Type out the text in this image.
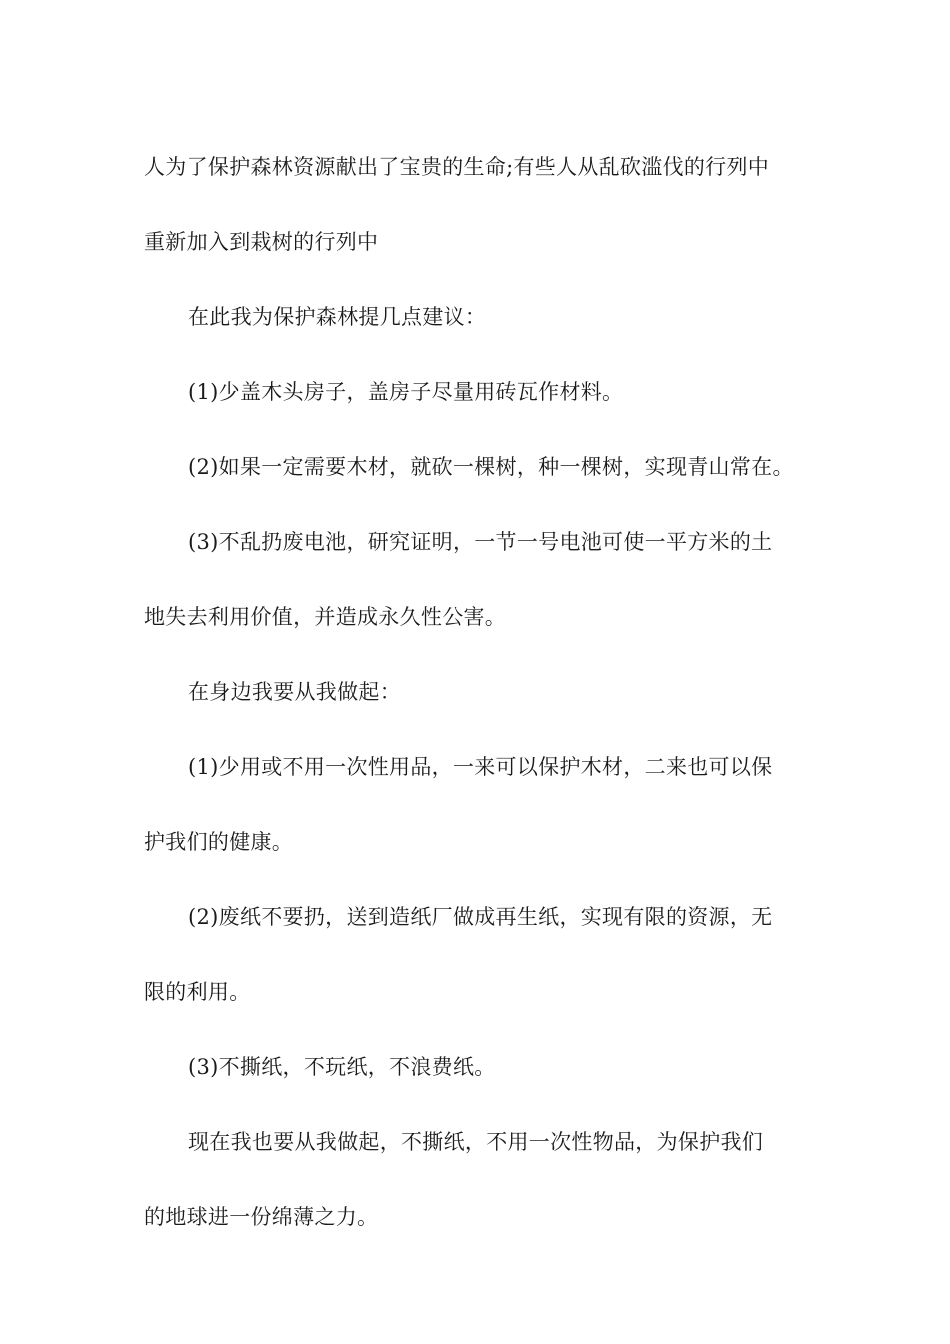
人为了保护森林资源献出了宝贵的生命;有些人从乱砍滥伐的行列中
重新加入到栽树的行列中
在此我为保护森林提几点建议：
(1)少盖木头房子，盖房子尽量用砖瓦作材料。
(2)如果一定需要木材，就砍一棵树，种一棵树，实现青山常在。
(3)不乱扔废电池，研究证明，一节一号电池可使一平方米的土
地失去利用价值，并造成永久性公害。
在身边我要从我做起：
(1)少用或不用一次性用品，一来可以保护木材，二来也可以保
护我们的健康。
(2)废纸不要扔，送到造纸厂做成再生纸，实现有限的资源，无
限的利用。
(3)不撕纸，不玩纸，不浪费纸。
现在我也要从我做起，不撕纸，不用一次性物品，为保护我们
的地球进一份绵薄之力。
